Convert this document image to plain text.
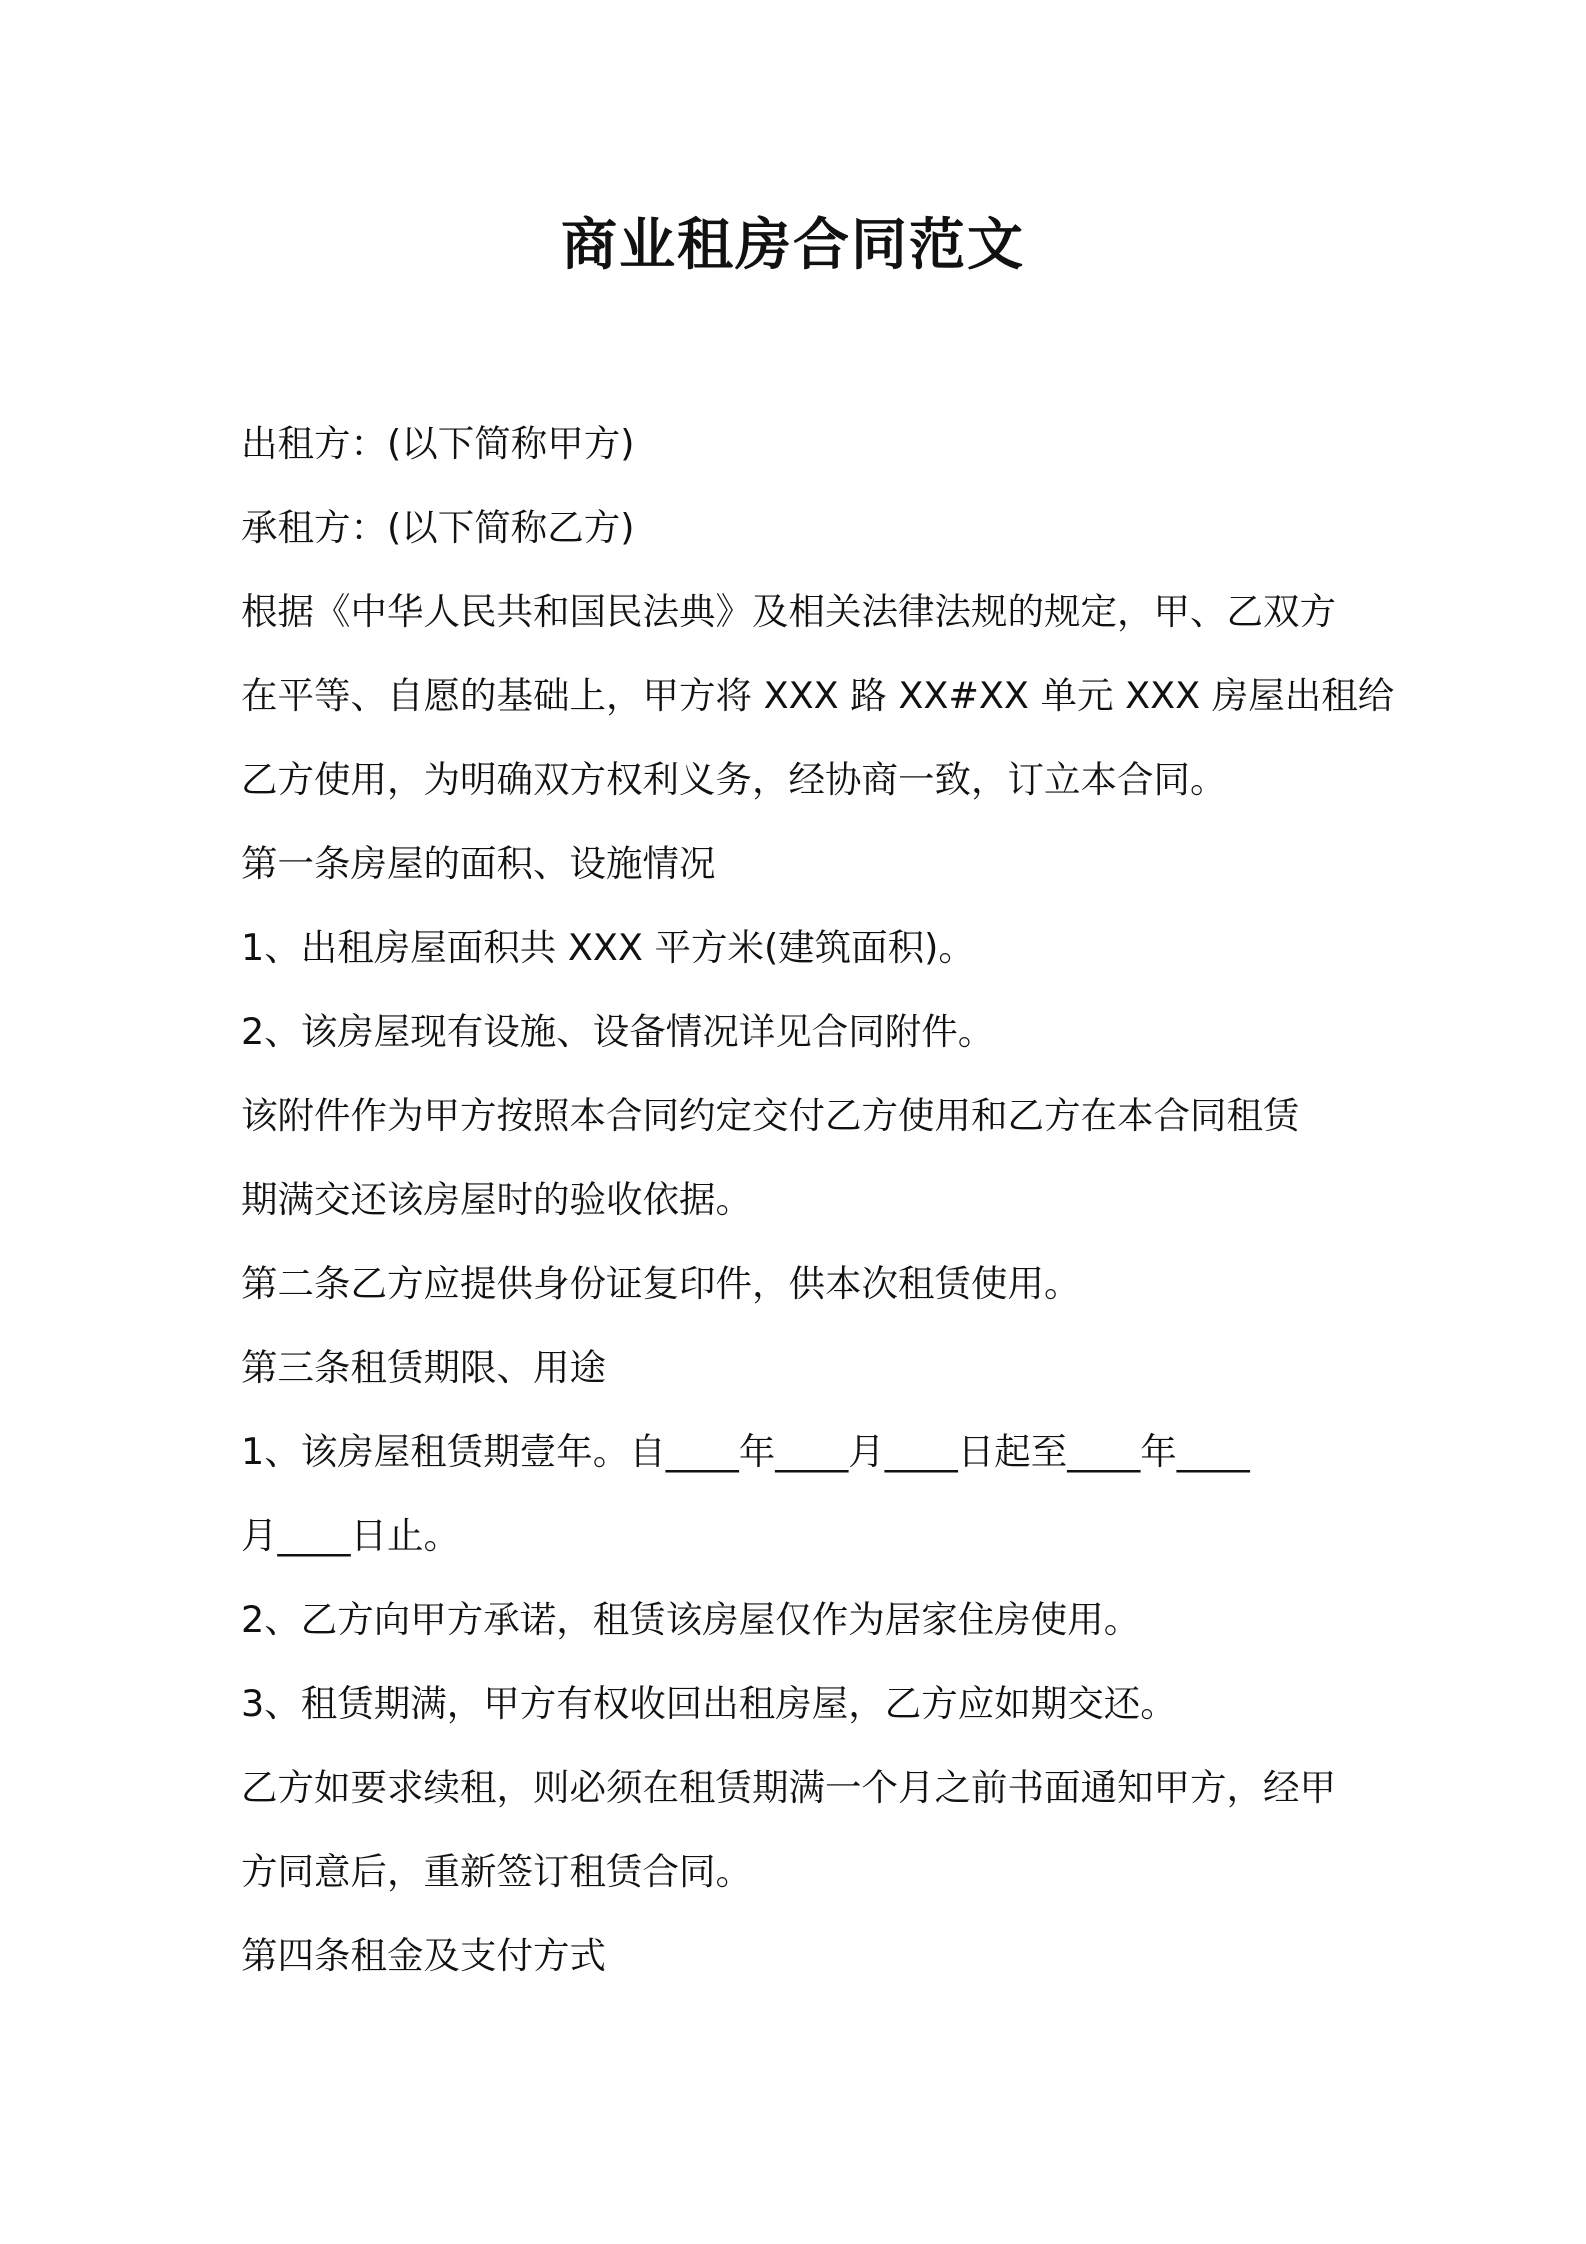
商业租房合同范文

出租方：(以下简称甲方)

承租方：(以下简称乙方)

根据《中华人民共和国民法典》及相关法律法规的规定，甲、乙双方

在平等、自愿的基础上，甲方将 XXX 路 XX#XX 单元 XXX 房屋出租给

乙方使用，为明确双方权利义务，经协商一致，订立本合同。

第一条房屋的面积、设施情况

1、出租房屋面积共 XXX 平方米(建筑面积)。

2、该房屋现有设施、设备情况详见合同附件。

该附件作为甲方按照本合同约定交付乙方使用和乙方在本合同租赁

期满交还该房屋时的验收依据。

第二条乙方应提供身份证复印件，供本次租赁使用。

第三条租赁期限、用途

1、该房屋租赁期壹年。自____年____月____日起至____年____

月____日止。

2、乙方向甲方承诺，租赁该房屋仅作为居家住房使用。

3、租赁期满，甲方有权收回出租房屋，乙方应如期交还。

乙方如要求续租，则必须在租赁期满一个月之前书面通知甲方，经甲

方同意后，重新签订租赁合同。

第四条租金及支付方式
